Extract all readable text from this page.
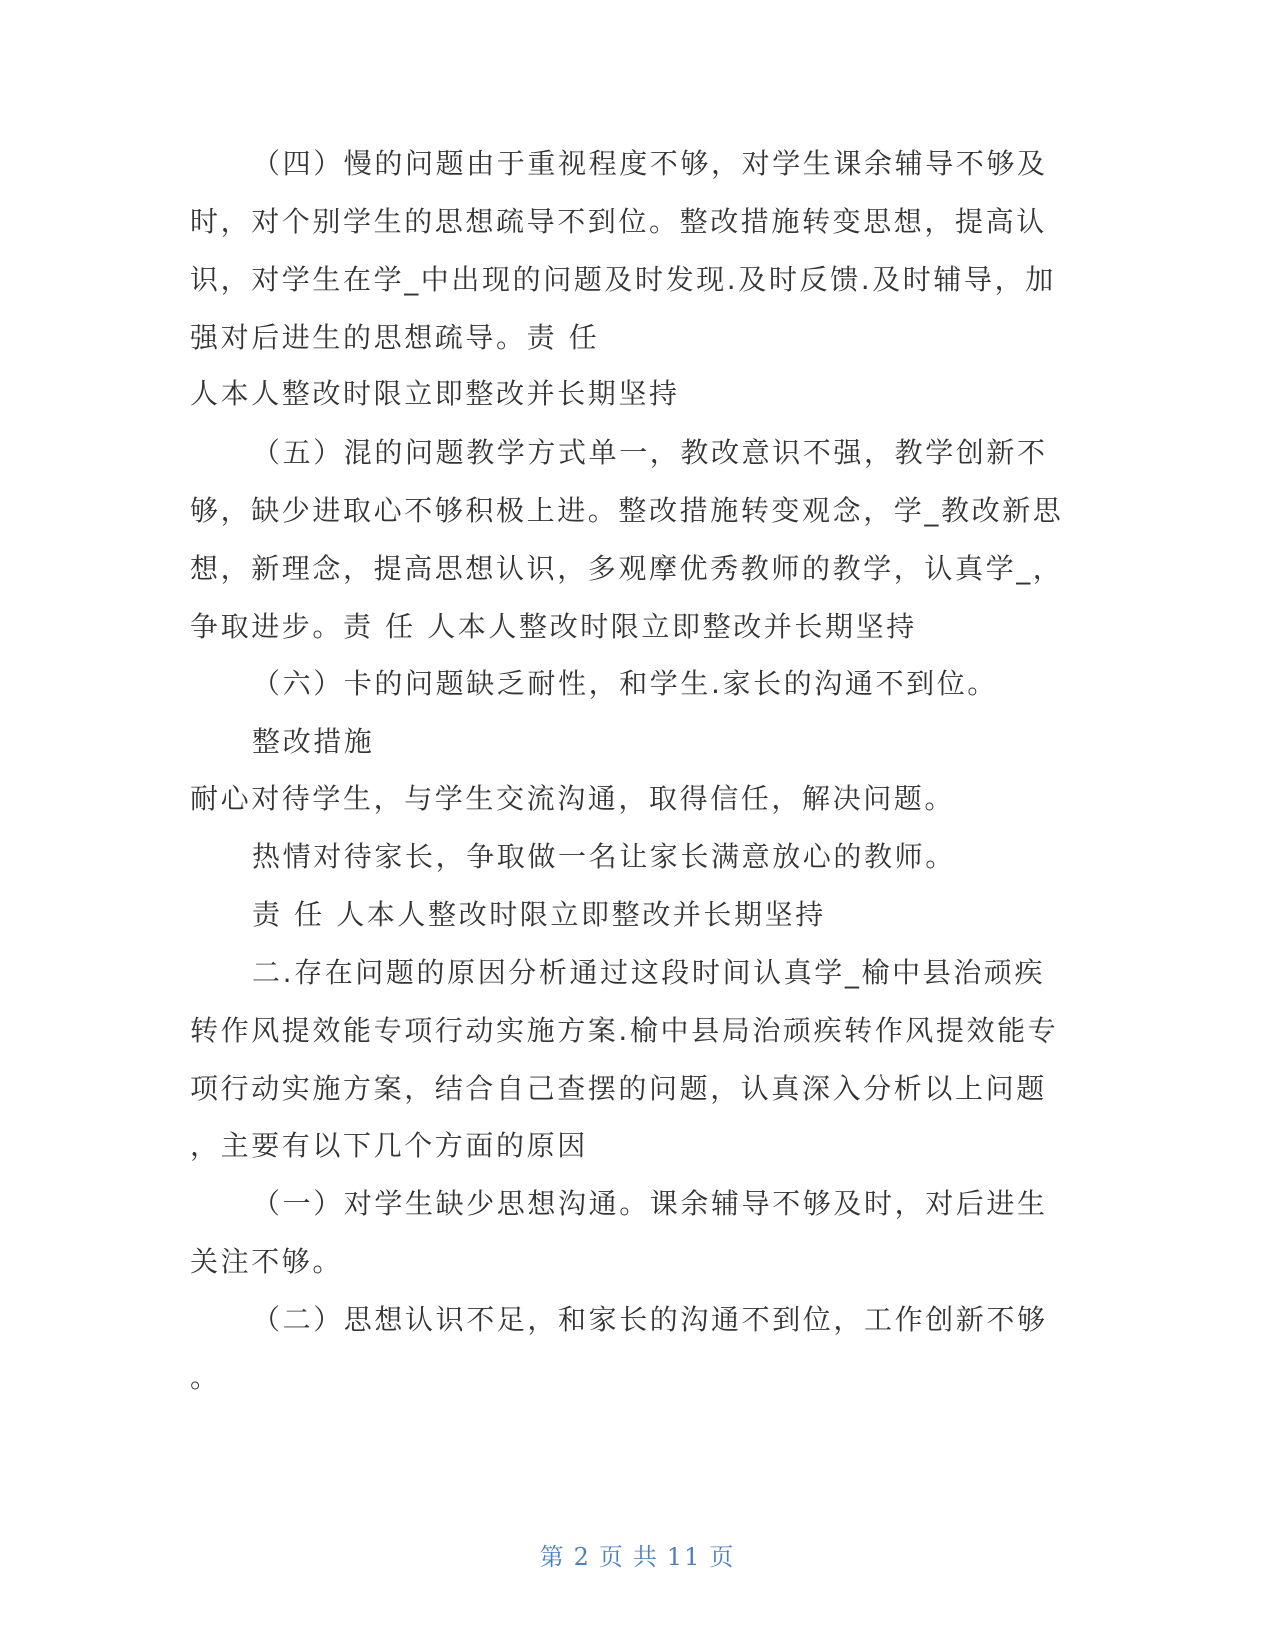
（四）慢的问题由于重视程度不够，对学生课余辅导不够及
时，对个别学生的思想疏导不到位。整改措施转变思想，提高认
识，对学生在学_中出现的问题及时发现.及时反馈.及时辅导，加
强对后进生的思想疏导。责 任
人本人整改时限立即整改并长期坚持
（五）混的问题教学方式单一，教改意识不强，教学创新不
够，缺少进取心不够积极上进。整改措施转变观念，学_教改新思
想，新理念，提高思想认识，多观摩优秀教师的教学，认真学_，
争取进步。责 任 人本人整改时限立即整改并长期坚持
（六）卡的问题缺乏耐性，和学生.家长的沟通不到位。
整改措施
耐心对待学生，与学生交流沟通，取得信任，解决问题。
热情对待家长，争取做一名让家长满意放心的教师。
责 任 人本人整改时限立即整改并长期坚持
二.存在问题的原因分析通过这段时间认真学_榆中县治顽疾
转作风提效能专项行动实施方案.榆中县局治顽疾转作风提效能专
项行动实施方案，结合自己查摆的问题，认真深入分析以上问题
，主要有以下几个方面的原因
（一）对学生缺少思想沟通。课余辅导不够及时，对后进生
关注不够。
（二）思想认识不足，和家长的沟通不到位，工作创新不够
。
第 2 页 共 11 页
